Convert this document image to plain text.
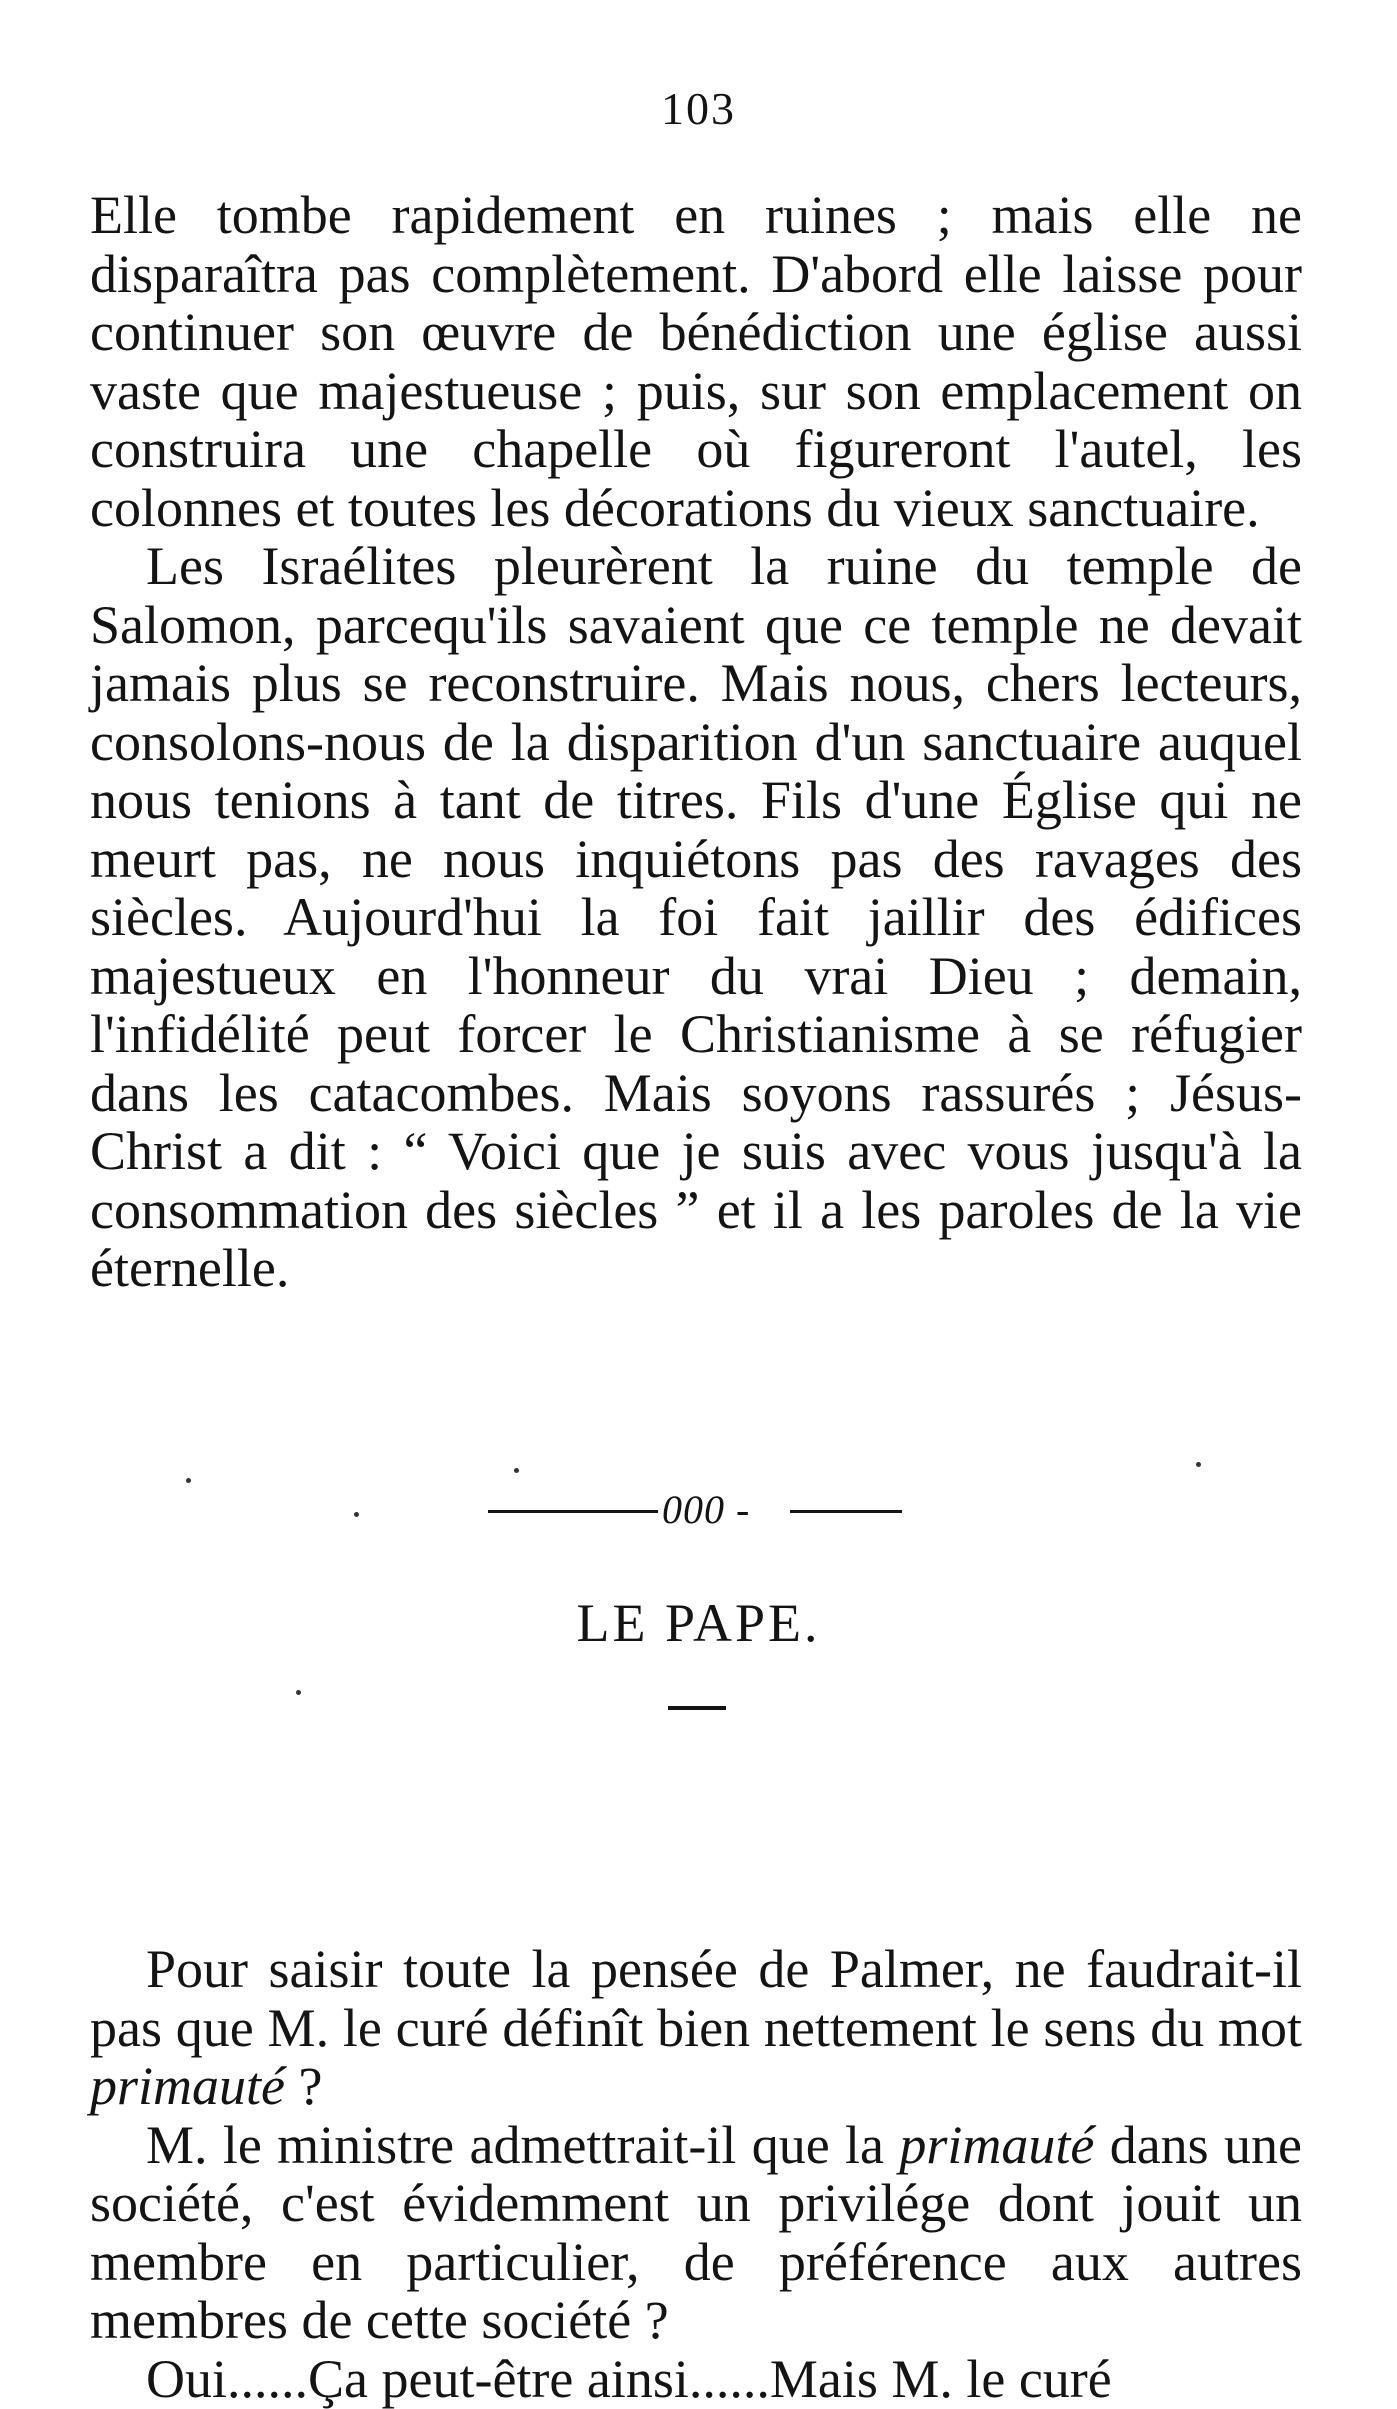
103

Elle tombe rapidement en ruines ; mais elle ne disparaîtra pas complètement. D'abord elle laisse pour continuer son œuvre de bénédiction une église aussi vaste que majestueuse ; puis, sur son emplacement on construira une chapelle où figureront l'autel, les colonnes et toutes les décorations du vieux sanctuaire.

Les Israélites pleurèrent la ruine du temple de Salomon, parcequ'ils savaient que ce temple ne devait jamais plus se reconstruire. Mais nous, chers lecteurs, consolons-nous de la disparition d'un sanctuaire auquel nous tenions à tant de titres. Fils d'une Église qui ne meurt pas, ne nous inquiétons pas des ravages des siècles. Aujourd'hui la foi fait jaillir des édifices majestueux en l'honneur du vrai Dieu ; demain, l'infidélité peut forcer le Christianisme à se réfugier dans les catacombes. Mais soyons rassurés ; Jésus-Christ a dit : “ Voici que je suis avec vous jusqu'à la consommation des siècles ” et il a les paroles de la vie éternelle.

000 -
LE PAPE.

Pour saisir toute la pensée de Palmer, ne faudrait-il pas que M. le curé définît bien nettement le sens du mot primauté ?

M. le ministre admettrait-il que la primauté dans une société, c'est évidemment un privilége dont jouit un membre en particulier, de préférence aux autres membres de cette société ?

Oui......Ça peut-être ainsi......Mais M. le curé
